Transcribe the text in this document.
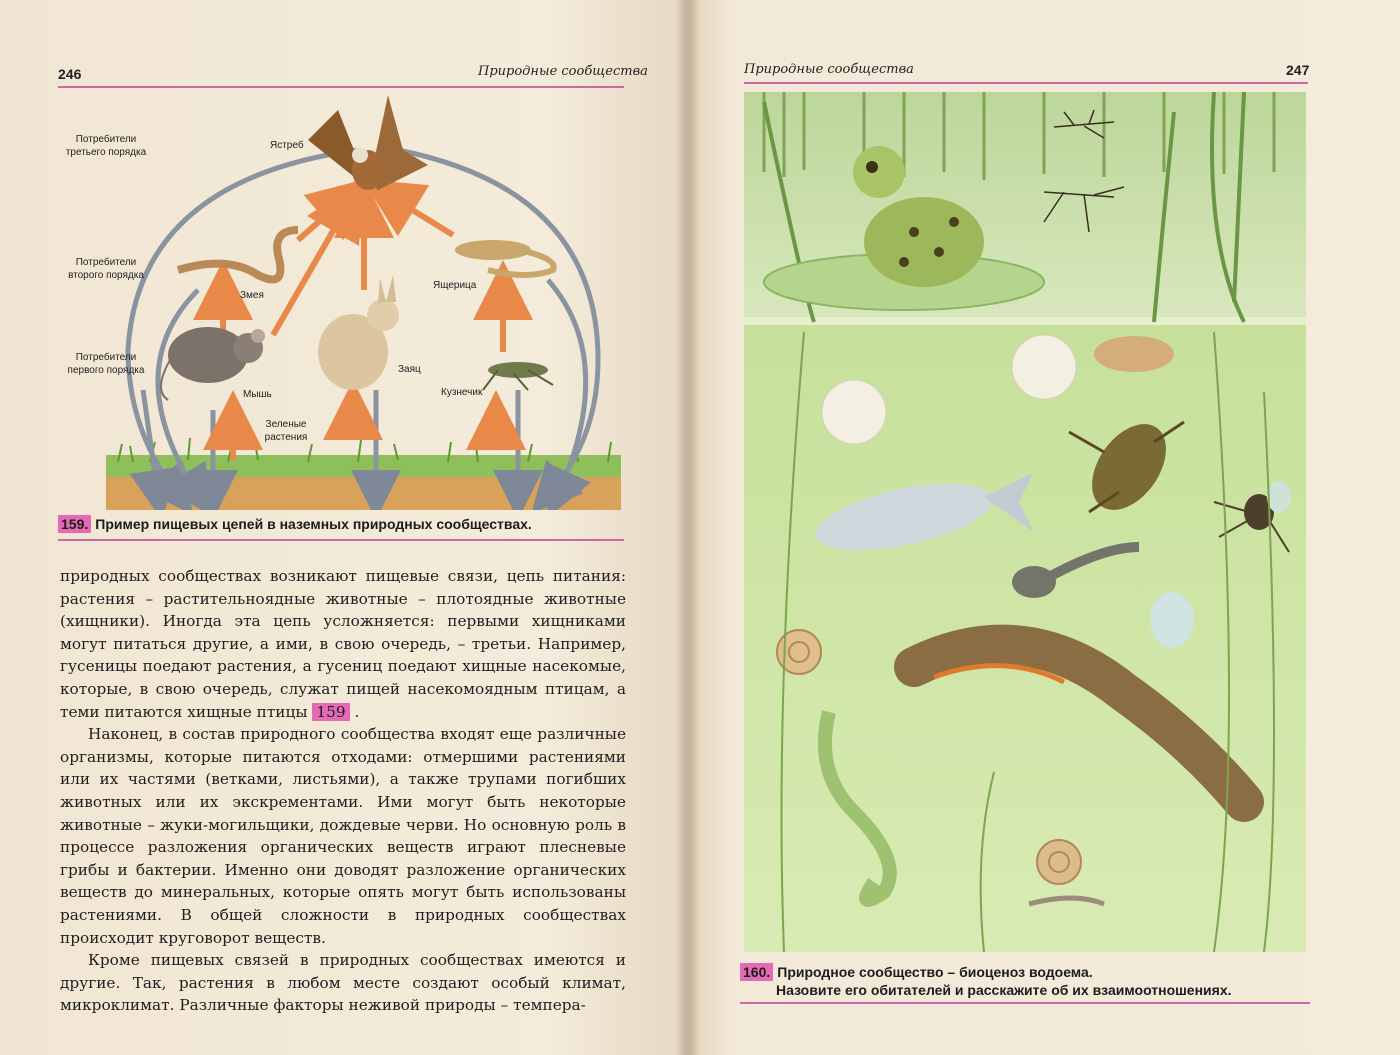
246	Природные сообщества
Потребители
третьего порядка
Потребители
второго порядка
Потребители
первого порядка
Ястреб
Змея
Ящерица
Мышь
Заяц
Кузнечик
Зеленые
растения
159. Пример пищевых цепей в наземных природных сообществах.

природных сообществах возникают пищевые связи, цепь питания: растения – растительноядные животные – плотоядные животные (хищники). Иногда эта цепь усложняется: первыми хищниками могут питаться другие, а ими, в свою очередь, – третьи. Например, гусеницы поедают растения, а гусениц поедают хищные насекомые, которые, в свою очередь, служат пищей насекомоядным птицам, а теми питаются хищные птицы 159 .

Наконец, в состав природного сообщества входят еще различные организмы, которые питаются отходами: отмершими растениями или их частями (ветками, листьями), а также трупами погибших животных или их экскрементами. Ими могут быть некоторые животные – жуки-могильщики, дождевые черви. Но основную роль в процессе разложения органических веществ играют плесневые грибы и бактерии. Именно они доводят разложение органических веществ до минеральных, которые опять могут быть использованы растениями. В общей сложности в природных сообществах происходит круговорот веществ.

Кроме пищевых связей в природных сообществах имеются и другие. Так, растения в любом месте создают особый климат, микроклимат. Различные факторы неживой природы – темпера-

Природные сообщества	247
160. Природное сообщество – биоценоз водоема.
Назовите его обитателей и расскажите об их взаимоотношениях.
